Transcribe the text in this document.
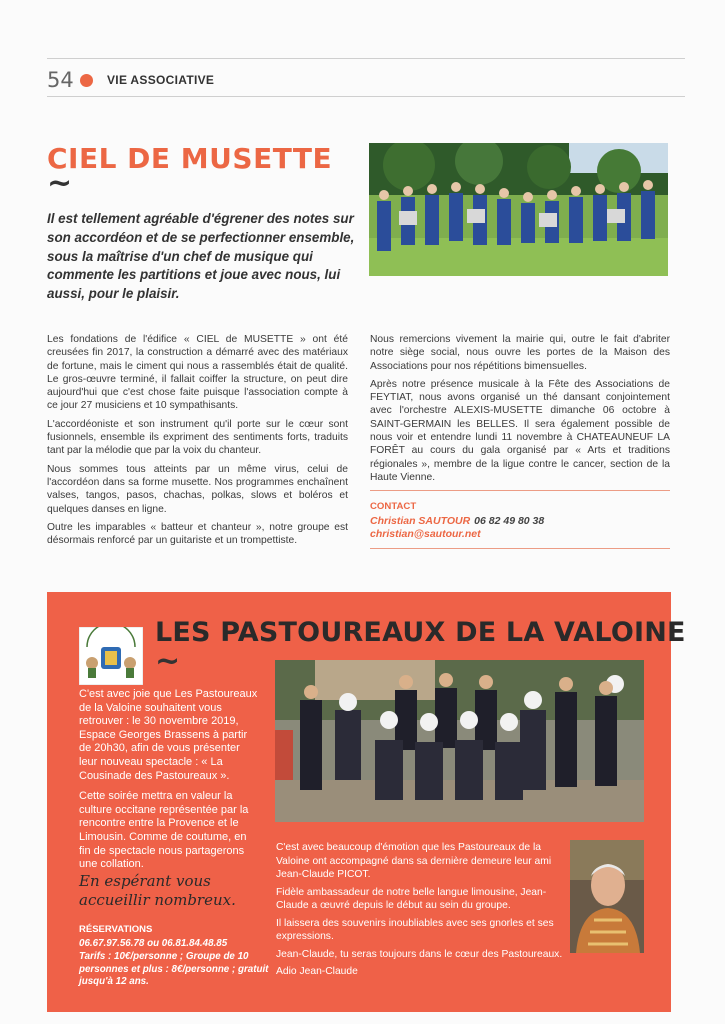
54	VIE ASSOCIATIVE
CIEL DE MUSETTE
~
Il est tellement agréable d'égrener des notes sur son accordéon et de se perfectionner ensemble, sous la maîtrise d'un chef de musique qui commente les partitions et joue avec nous, lui aussi, pour le plaisir.

Les fondations de l'édifice « CIEL de MUSETTE » ont été creusées fin 2017, la construction a démarré avec des matériaux de fortune, mais le ciment qui nous a rassemblés était de qualité. Le gros-œuvre terminé, il fallait coiffer la structure, on peut dire aujourd'hui que c'est chose faite puisque l'association compte à ce jour 27 musiciens et 10 sympathisants.

L'accordéoniste et son instrument qu'il porte sur le cœur sont fusionnels, ensemble ils expriment des sentiments forts, traduits tant par la mélodie que par la voix du chanteur.

Nous sommes tous atteints par un même virus, celui de l'accordéon dans sa forme musette. Nos programmes enchaînent valses, tangos, pasos, chachas, polkas, slows et boléros et quelques danses en ligne.

Outre les imparables « batteur et chanteur », notre groupe est désormais renforcé par un guitariste et un trompettiste.

Nous remercions vivement la mairie qui, outre le fait d'abriter notre siège social, nous ouvre les portes de la Maison des Associations pour nos répétitions bimensuelles.

Après notre présence musicale à la Fête des Associations de FEYTIAT, nous avons organisé un thé dansant conjointement avec l'orchestre ALEXIS-MUSETTE dimanche 06 octobre à SAINT-GERMAIN les BELLES. Il sera également possible de nous voir et entendre lundi 11 novembre à CHATEAUNEUF LA FORÊT au cours du gala organisé par « Arts et traditions régionales », membre de la ligue contre le cancer, section de la Haute Vienne.

CONTACT
Christian SAUTOUR 06 82 49 80 38
christian@sautour.net
LES PASTOUREAUX DE LA VALOINE
~

C'est avec joie que Les Pastoureaux de la Valoine souhaitent vous retrouver : le 30 novembre 2019, Espace Georges Brassens à partir de 20h30, afin de vous présenter leur nouveau spectacle : « La Cousinade des Pastoureaux ».

Cette soirée mettra en valeur la culture occitane représentée par la rencontre entre la Provence et le Limousin. Comme de coutume, en fin de spectacle nous partagerons une collation.

En espérant vous accueillir nombreux.
RÉSERVATIONS
06.67.97.56.78 ou 06.81.84.48.85
Tarifs : 10€/personne ; Groupe de 10 personnes et plus : 8€/personne ; gratuit jusqu'à 12 ans.

C'est avec beaucoup d'émotion que les Pastoureaux de la Valoine ont accompagné dans sa dernière demeure leur ami Jean-Claude PICOT.

Fidèle ambassadeur de notre belle langue limousine, Jean-Claude a œuvré depuis le début au sein du groupe.

Il laissera des souvenirs inoubliables avec ses gnorles et ses expressions.

Jean-Claude, tu seras toujours dans le cœur des Pastoureaux.

Adio Jean-Claude
